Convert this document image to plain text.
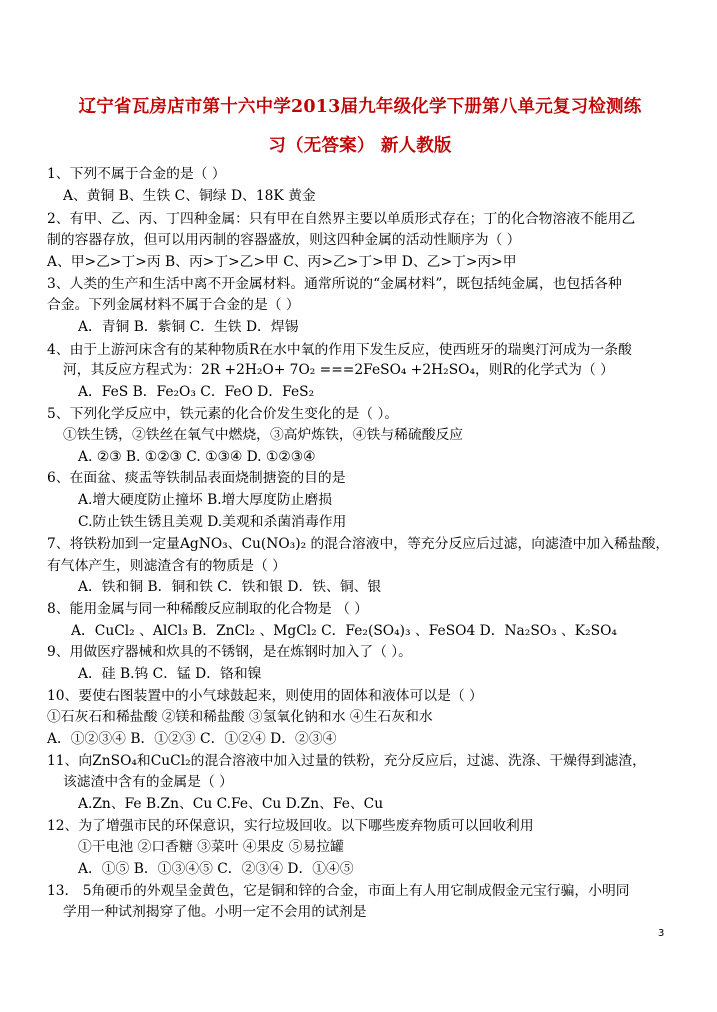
辽宁省瓦房店市第十六中学2013届九年级化学下册第八单元复习检测练
习（无答案） 新人教版
1、下列不属于合金的是（ ）
A、黄铜 B、生铁 C、铜绿 D、18K 黄金
2、有甲、乙、丙、丁四种金属：只有甲在自然界主要以单质形式存在；丁的化合物溶液不能用乙
制的容器存放，但可以用丙制的容器盛放，则这四种金属的活动性顺序为（ ）
A、甲>乙>丁>丙 B、丙>丁>乙>甲 C、丙>乙>丁>甲 D、乙>丁>丙>甲
3、人类的生产和生活中离不开金属材料。通常所说的“金属材料”，既包括纯金属，也包括各种
合金。下列金属材料不属于合金的是（ ）
A．青铜 B．紫铜 C．生铁 D．焊锡
4、由于上游河床含有的某种物质R在水中氧的作用下发生反应，使西班牙的瑞奥汀河成为一条酸
河，其反应方程式为：2R +2H₂O+ 7O₂ ===2FeSO₄ +2H₂SO₄，则R的化学式为（ ）
A．FeS B．Fe₂O₃ C．FeO D．FeS₂
5、下列化学反应中，铁元素的化合价发生变化的是（ ）。
①铁生锈，②铁丝在氧气中燃烧，③高炉炼铁，④铁与稀硫酸反应
A. ②③ B. ①②③ C. ①③④ D. ①②③④
6、在面盆、痰盂等铁制品表面烧制搪瓷的目的是
A.增大硬度防止撞坏 B.增大厚度防止磨损
C.防止铁生锈且美观 D.美观和杀菌消毒作用
7、将铁粉加到一定量AgNO₃、Cu(NO₃)₂ 的混合溶液中，等充分反应后过滤，向滤渣中加入稀盐酸，
有气体产生，则滤渣含有的物质是（ ）
A．铁和铜 B．铜和铁 C．铁和银 D．铁、铜、银
8、能用金属与同一种稀酸反应制取的化合物是 （ ）
A．CuCl₂ 、AlCl₃ B．ZnCl₂ 、MgCl₂ C．Fe₂(SO₄)₃ 、FeSO4 D．Na₂SO₃ 、K₂SO₄
9、用做医疗器械和炊具的不锈钢，是在炼钢时加入了（ ）。
A．硅 B.钨 C．锰 D．铬和镍
10、要使右图装置中的小气球鼓起来，则使用的固体和液体可以是（ ）
①石灰石和稀盐酸 ②镁和稀盐酸 ③氢氧化钠和水 ④生石灰和水
A．①②③④ B．①②③ C．①②④ D．②③④
11、向ZnSO₄和CuCl₂的混合溶液中加入过量的铁粉，充分反应后，过滤、洗涤、干燥得到滤渣，
该滤渣中含有的金属是（ ）
A.Zn、Fe B.Zn、Cu C.Fe、Cu D.Zn、Fe、Cu
12、为了增强市民的环保意识，实行垃圾回收。以下哪些废弃物质可以回收利用
①干电池 ②口香糖 ③菜叶 ④果皮 ⑤易拉罐
A．①⑤ B．①③④⑤ C．②③④ D．①④⑤
13． 5角硬币的外观呈金黄色，它是铜和锌的合金，市面上有人用它制成假金元宝行骗，小明同
学用一种试剂揭穿了他。小明一定不会用的试剂是
3
